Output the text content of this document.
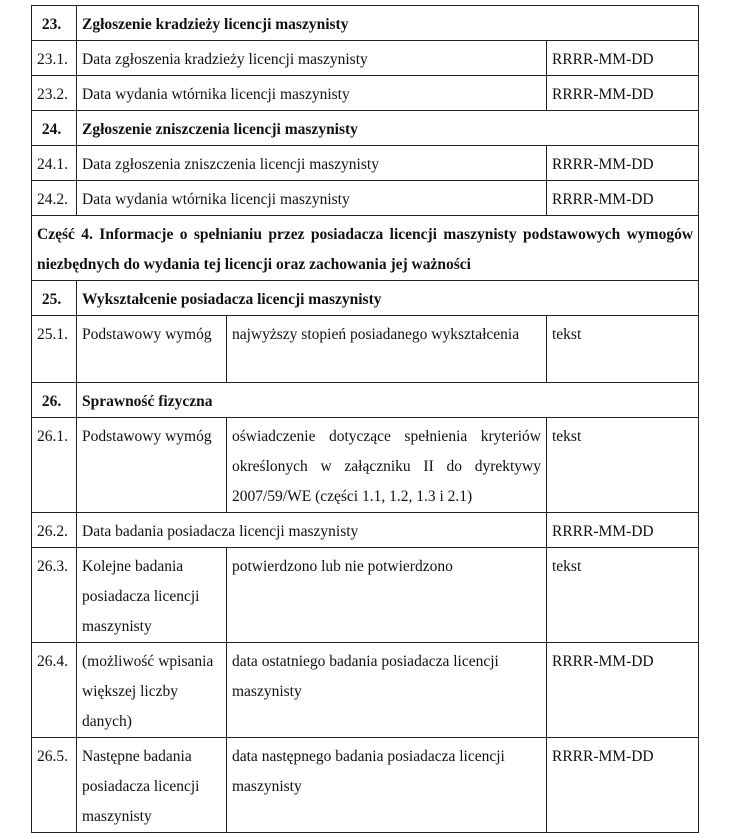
23.	Zgłoszenie kradzieży licencji maszynisty		
23.1.	Data zgłoszenia kradzieży licencji maszynisty		RRRR-MM-DD
23.2.	Data wydania wtórnika licencji maszynisty		RRRR-MM-DD
24.	Zgłoszenie zniszczenia licencji maszynisty		
24.1.	Data zgłoszenia zniszczenia licencji maszynisty		RRRR-MM-DD
24.2.	Data wydania wtórnika licencji maszynisty		RRRR-MM-DD
Część 4. Informacje o spełnianiu przez posiadacza licencji maszynisty podstawowych wymogów niezbędnych do wydania tej licencji oraz zachowania jej ważności			
25.	Wykształcenie posiadacza licencji maszynisty		
25.1.	Podstawowy wymóg	najwyższy stopień posiadanego wykształcenia	tekst
26.	Sprawność fizyczna		
26.1.	Podstawowy wymóg	oświadczenie dotyczące spełnienia kryteriów określonych w załączniku II do dyrektywy 2007/59/WE (części 1.1, 1.2, 1.3 i 2.1)	tekst
26.2.	Data badania posiadacza licencji maszynisty		RRRR-MM-DD
26.3.	Kolejne badania posiadacza licencji maszynisty	potwierdzono lub nie potwierdzono	tekst
26.4.	(możliwość wpisania większej liczby danych)	data ostatniego badania posiadacza licencji maszynisty	RRRR-MM-DD
26.5.	Następne badania posiadacza licencji maszynisty	data następnego badania posiadacza licencji maszynisty	RRRR-MM-DD
